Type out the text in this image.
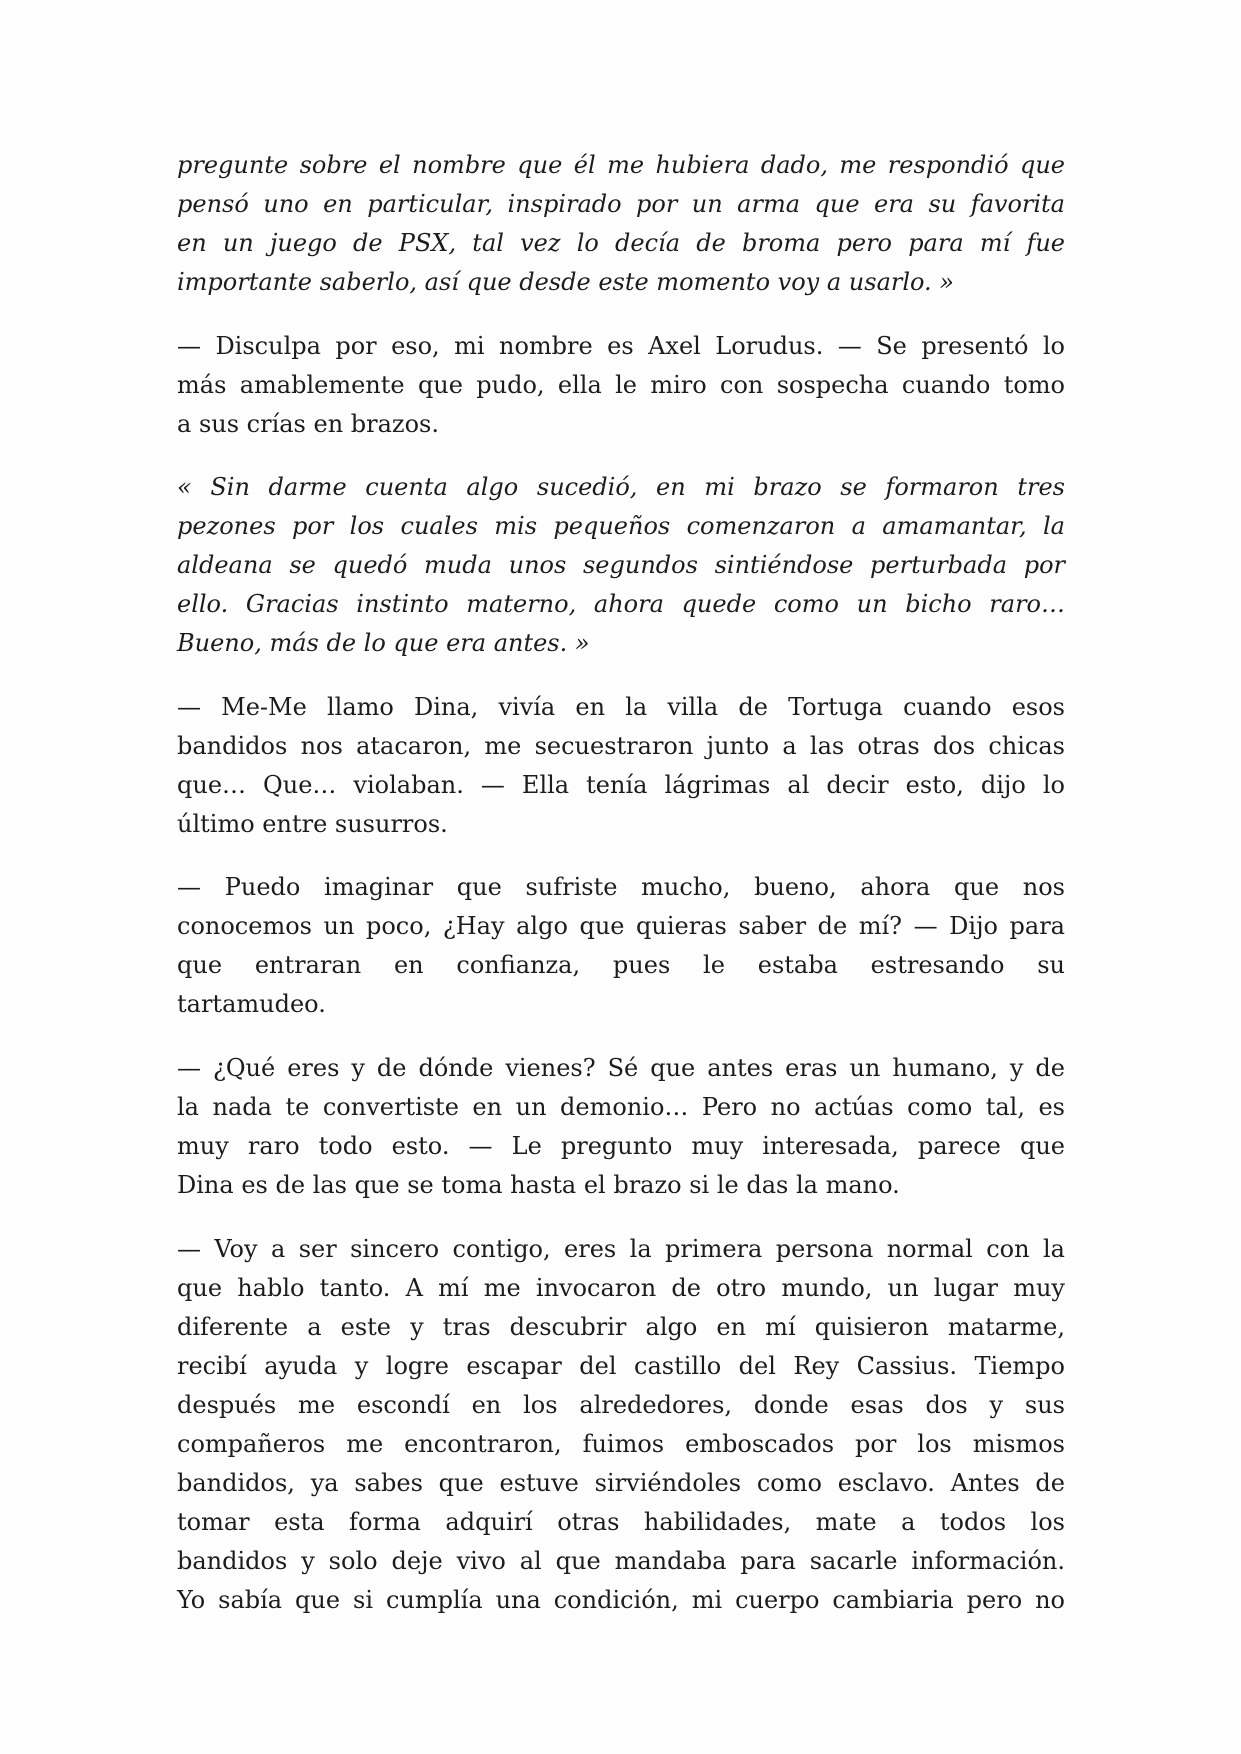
pregunte sobre el nombre que él me hubiera dado, me respondió que
pensó uno en particular, inspirado por un arma que era su favorita
en un juego de PSX, tal vez lo decía de broma pero para mí fue
importante saberlo, así que desde este momento voy a usarlo. »
— Disculpa por eso, mi nombre es Axel Lorudus. — Se presentó lo
más amablemente que pudo, ella le miro con sospecha cuando tomo
a sus crías en brazos.
« Sin darme cuenta algo sucedió, en mi brazo se formaron tres
pezones por los cuales mis pequeños comenzaron a amamantar, la
aldeana se quedó muda unos segundos sintiéndose perturbada por
ello. Gracias instinto materno, ahora quede como un bicho raro…
Bueno, más de lo que era antes. »
— Me-Me llamo Dina, vivía en la villa de Tortuga cuando esos
bandidos nos atacaron, me secuestraron junto a las otras dos chicas
que… Que… violaban. — Ella tenía lágrimas al decir esto, dijo lo
último entre susurros.
— Puedo imaginar que sufriste mucho, bueno, ahora que nos
conocemos un poco, ¿Hay algo que quieras saber de mí? — Dijo para
que entraran en confianza, pues le estaba estresando su
tartamudeo.
— ¿Qué eres y de dónde vienes? Sé que antes eras un humano, y de
la nada te convertiste en un demonio… Pero no actúas como tal, es
muy raro todo esto. — Le pregunto muy interesada, parece que
Dina es de las que se toma hasta el brazo si le das la mano.
— Voy a ser sincero contigo, eres la primera persona normal con la
que hablo tanto. A mí me invocaron de otro mundo, un lugar muy
diferente a este y tras descubrir algo en mí quisieron matarme,
recibí ayuda y logre escapar del castillo del Rey Cassius. Tiempo
después me escondí en los alrededores, donde esas dos y sus
compañeros me encontraron, fuimos emboscados por los mismos
bandidos, ya sabes que estuve sirviéndoles como esclavo. Antes de
tomar esta forma adquirí otras habilidades, mate a todos los
bandidos y solo deje vivo al que mandaba para sacarle información.
Yo sabía que si cumplía una condición, mi cuerpo cambiaria pero no
